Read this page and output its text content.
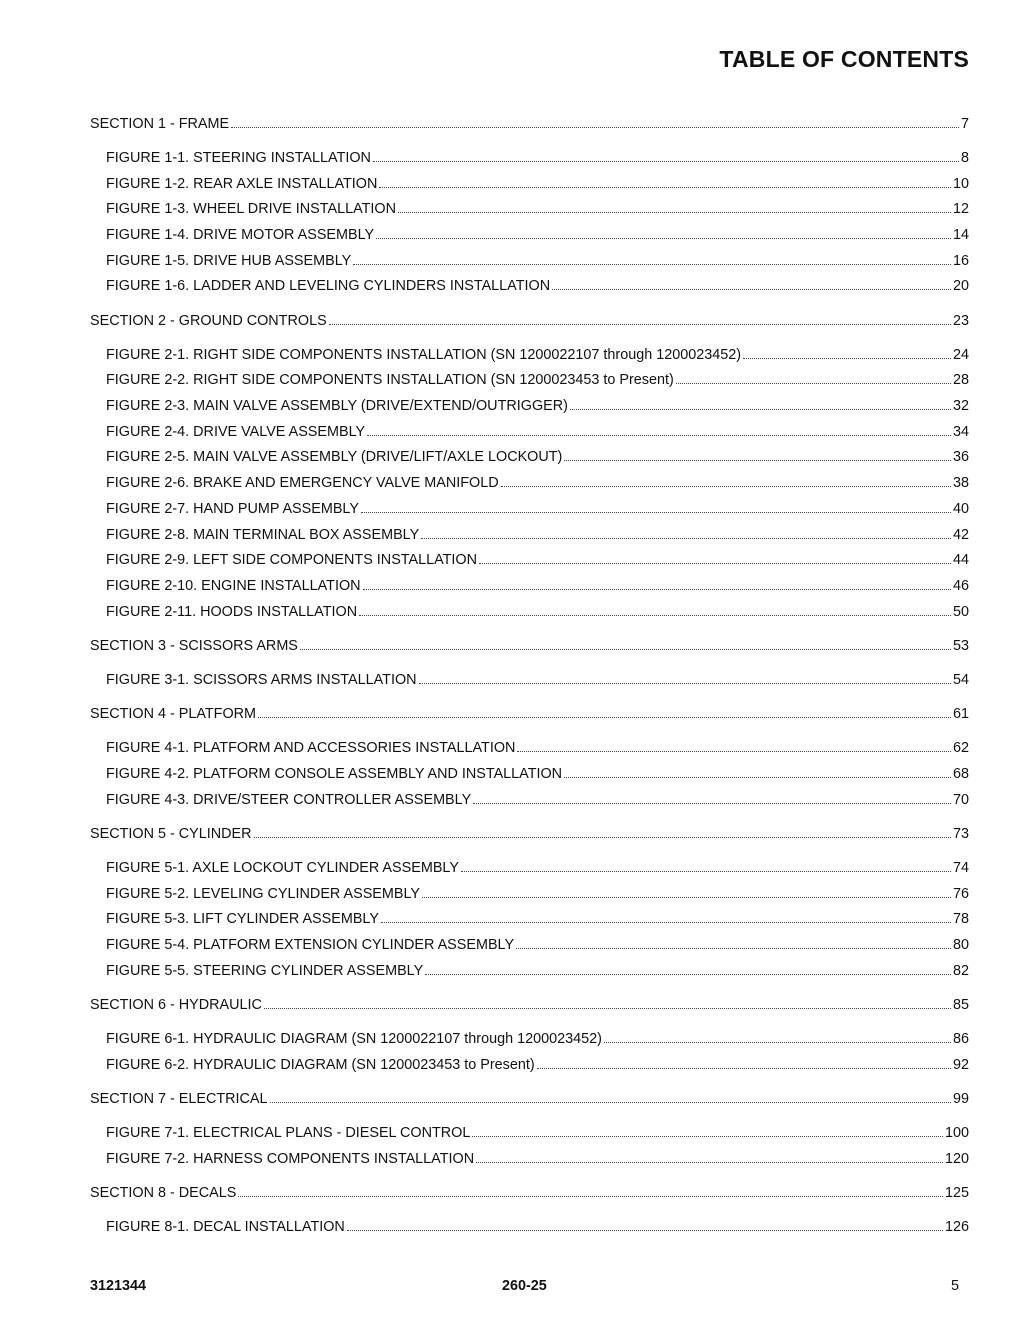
TABLE OF CONTENTS
SECTION 1 - FRAME	7
FIGURE 1-1. STEERING INSTALLATION	8
FIGURE 1-2. REAR AXLE INSTALLATION	10
FIGURE 1-3. WHEEL DRIVE INSTALLATION	12
FIGURE 1-4. DRIVE MOTOR ASSEMBLY	14
FIGURE 1-5. DRIVE HUB ASSEMBLY	16
FIGURE 1-6. LADDER AND LEVELING CYLINDERS INSTALLATION	20
SECTION 2 - GROUND CONTROLS	23
FIGURE 2-1. RIGHT SIDE COMPONENTS INSTALLATION (SN 1200022107 through 1200023452)	24
FIGURE 2-2. RIGHT SIDE COMPONENTS INSTALLATION (SN 1200023453 to Present)	28
FIGURE 2-3. MAIN VALVE ASSEMBLY (DRIVE/EXTEND/OUTRIGGER)	32
FIGURE 2-4. DRIVE VALVE ASSEMBLY	34
FIGURE 2-5. MAIN VALVE ASSEMBLY (DRIVE/LIFT/AXLE LOCKOUT)	36
FIGURE 2-6. BRAKE AND EMERGENCY VALVE MANIFOLD	38
FIGURE 2-7. HAND PUMP ASSEMBLY	40
FIGURE 2-8. MAIN TERMINAL BOX ASSEMBLY	42
FIGURE 2-9. LEFT SIDE COMPONENTS INSTALLATION	44
FIGURE 2-10. ENGINE INSTALLATION	46
FIGURE 2-11. HOODS INSTALLATION	50
SECTION 3 - SCISSORS ARMS	53
FIGURE 3-1. SCISSORS ARMS INSTALLATION	54
SECTION 4 - PLATFORM	61
FIGURE 4-1. PLATFORM AND ACCESSORIES INSTALLATION	62
FIGURE 4-2. PLATFORM CONSOLE ASSEMBLY AND INSTALLATION	68
FIGURE 4-3. DRIVE/STEER CONTROLLER ASSEMBLY	70
SECTION 5 - CYLINDER	73
FIGURE 5-1. AXLE LOCKOUT CYLINDER ASSEMBLY	74
FIGURE 5-2. LEVELING CYLINDER ASSEMBLY	76
FIGURE 5-3. LIFT CYLINDER ASSEMBLY	78
FIGURE 5-4. PLATFORM EXTENSION CYLINDER ASSEMBLY	80
FIGURE 5-5. STEERING CYLINDER ASSEMBLY	82
SECTION 6 - HYDRAULIC	85
FIGURE 6-1. HYDRAULIC DIAGRAM (SN 1200022107 through 1200023452)	86
FIGURE 6-2. HYDRAULIC DIAGRAM (SN 1200023453 to Present)	92
SECTION 7 - ELECTRICAL	99
FIGURE 7-1. ELECTRICAL PLANS - DIESEL CONTROL	100
FIGURE 7-2. HARNESS COMPONENTS INSTALLATION	120
SECTION 8 - DECALS	125
FIGURE 8-1. DECAL INSTALLATION	126
3121344	260-25	5
